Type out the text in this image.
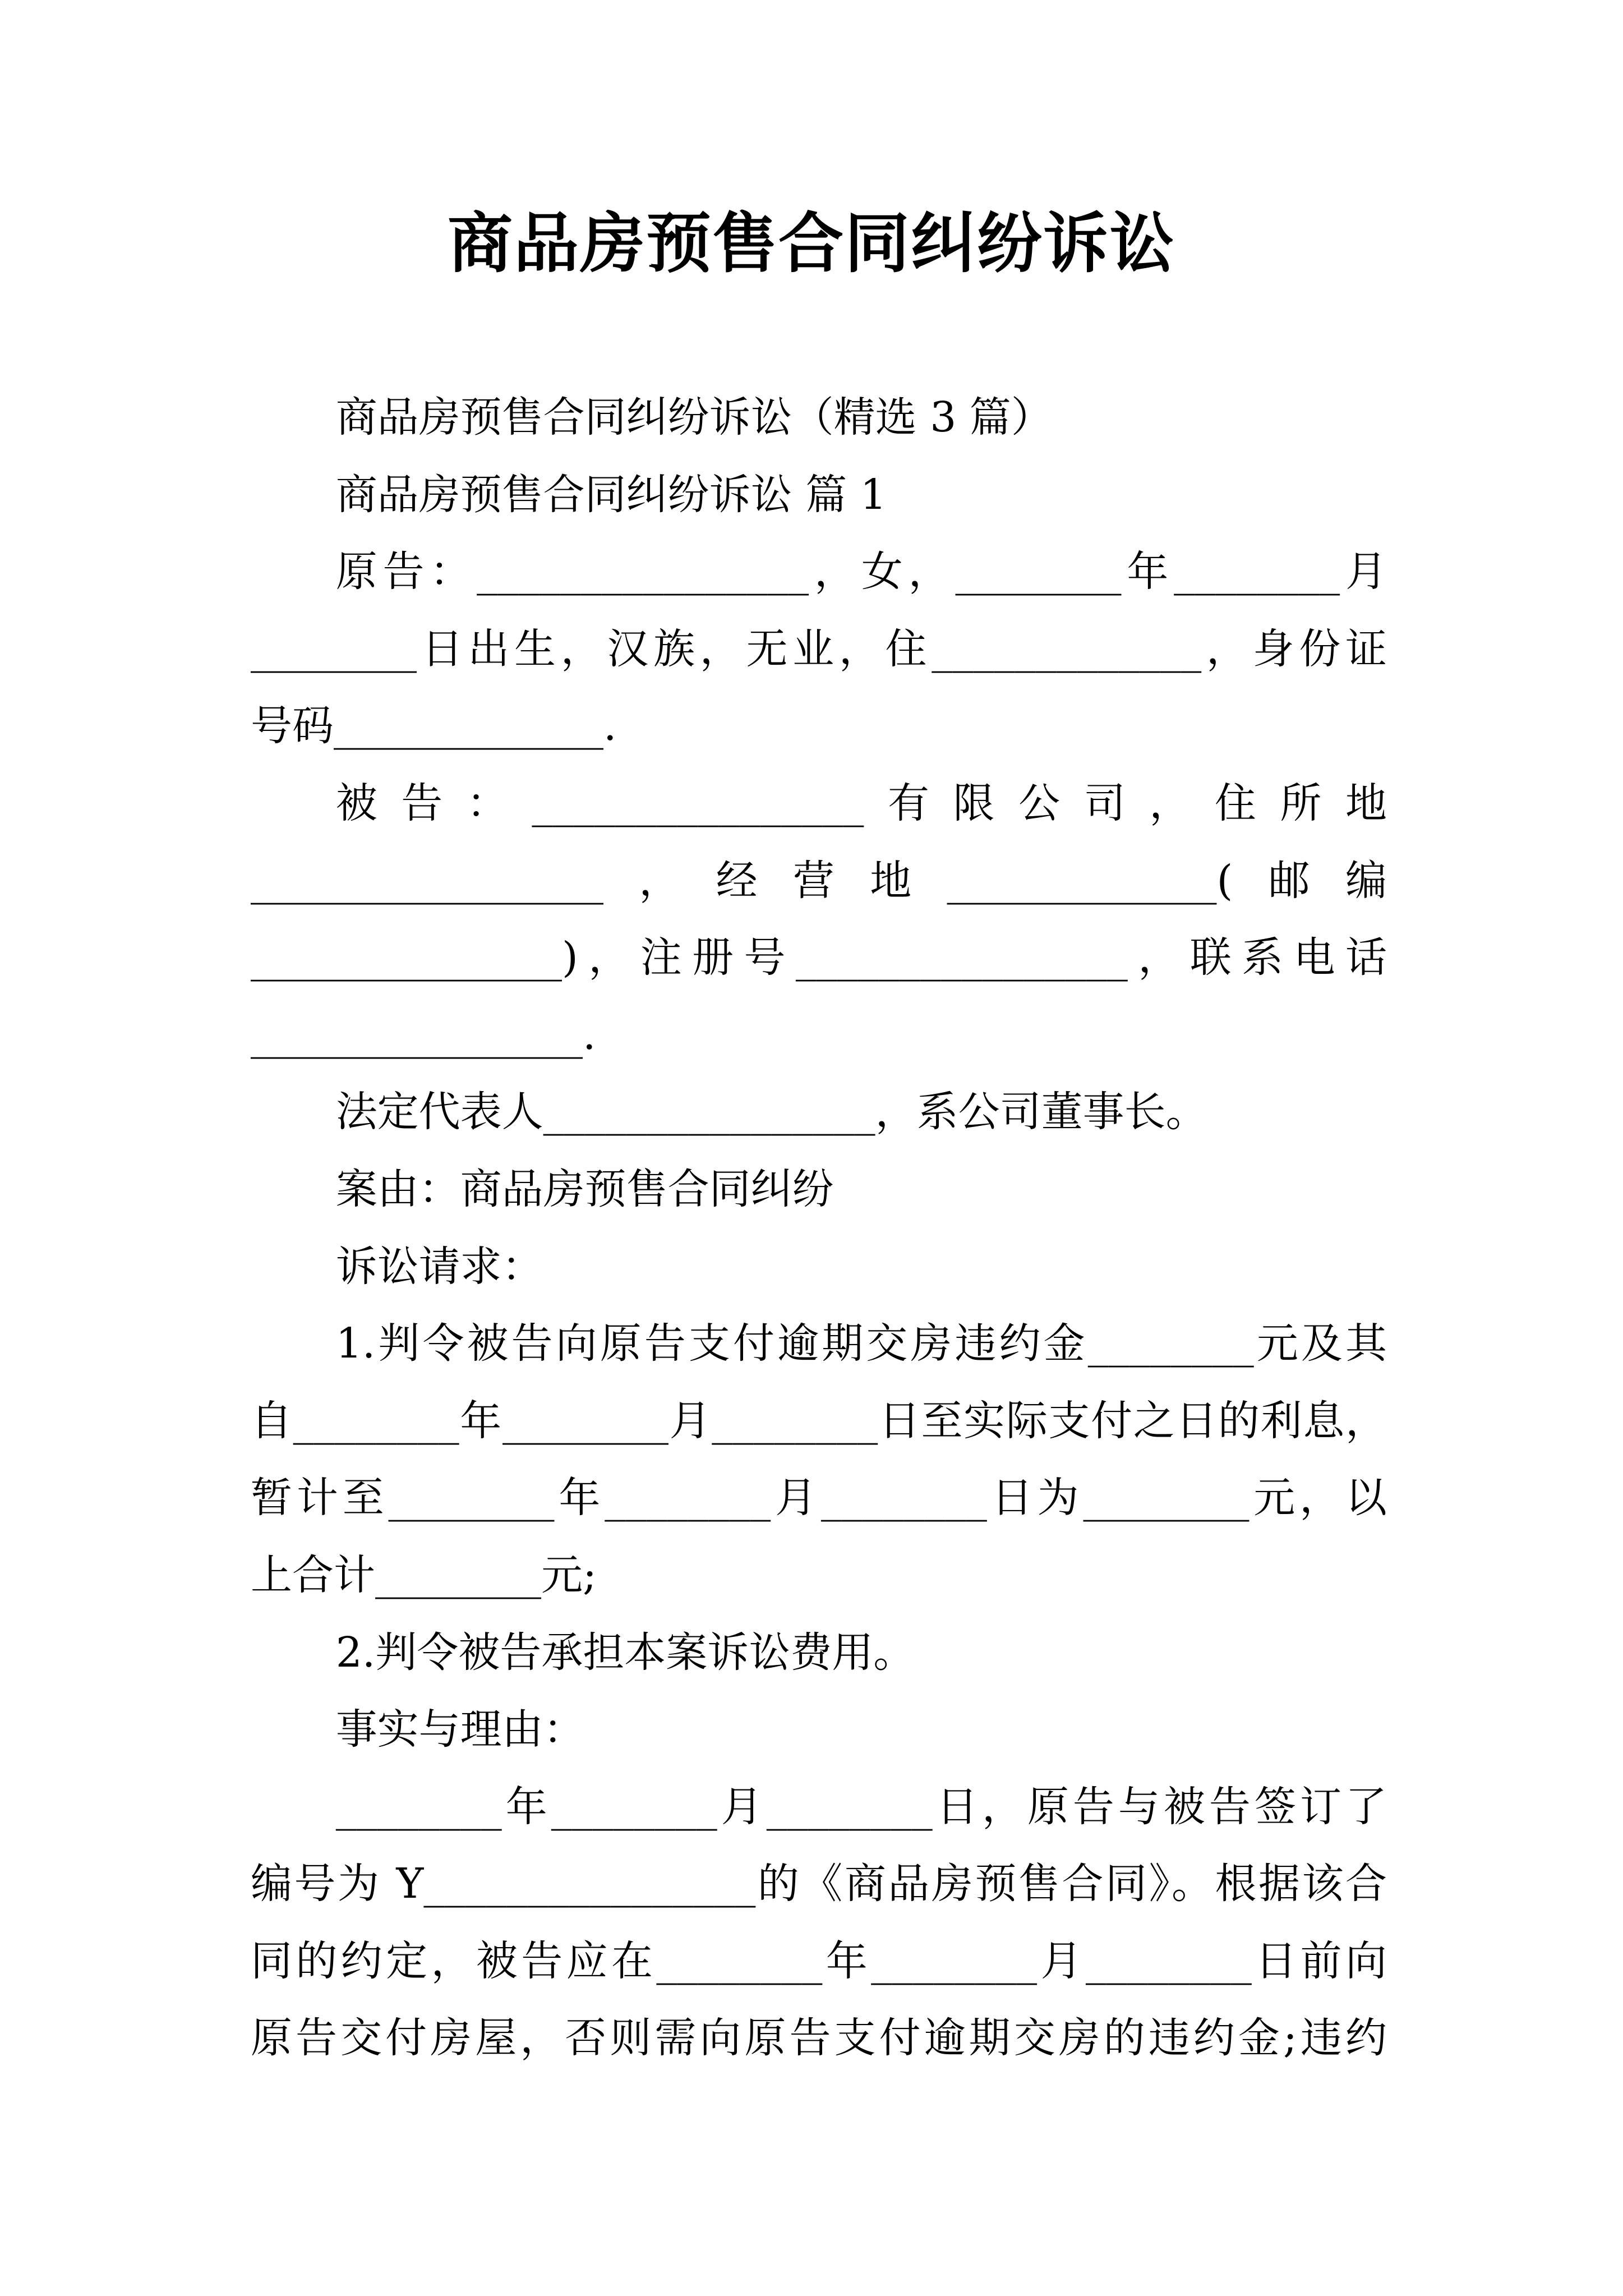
商品房预售合同纠纷诉讼
商品房预售合同纠纷诉讼（精选 3 篇）
商品房预售合同纠纷诉讼 篇 1
原告：________________，女，________年________月
________日出生，汉族，无业，住_____________，身份证
号码_____________.
被告：________________有限公司，住所地
_________________，经营地_____________(邮编
_______________)，注册号________________，联系电话
________________.
法定代表人________________，系公司董事长。
案由：商品房预售合同纠纷
诉讼请求：
1.判令被告向原告支付逾期交房违约金________元及其
自________年________月________日至实际支付之日的利息，
暂计至________年________月________日为________元，以
上合计________元;
2.判令被告承担本案诉讼费用。
事实与理由：
________年________月________日，原告与被告签订了
编号为 Y________________的《商品房预售合同》。根据该合
同的约定，被告应在________年________月________日前向
原告交付房屋，否则需向原告支付逾期交房的违约金;违约
